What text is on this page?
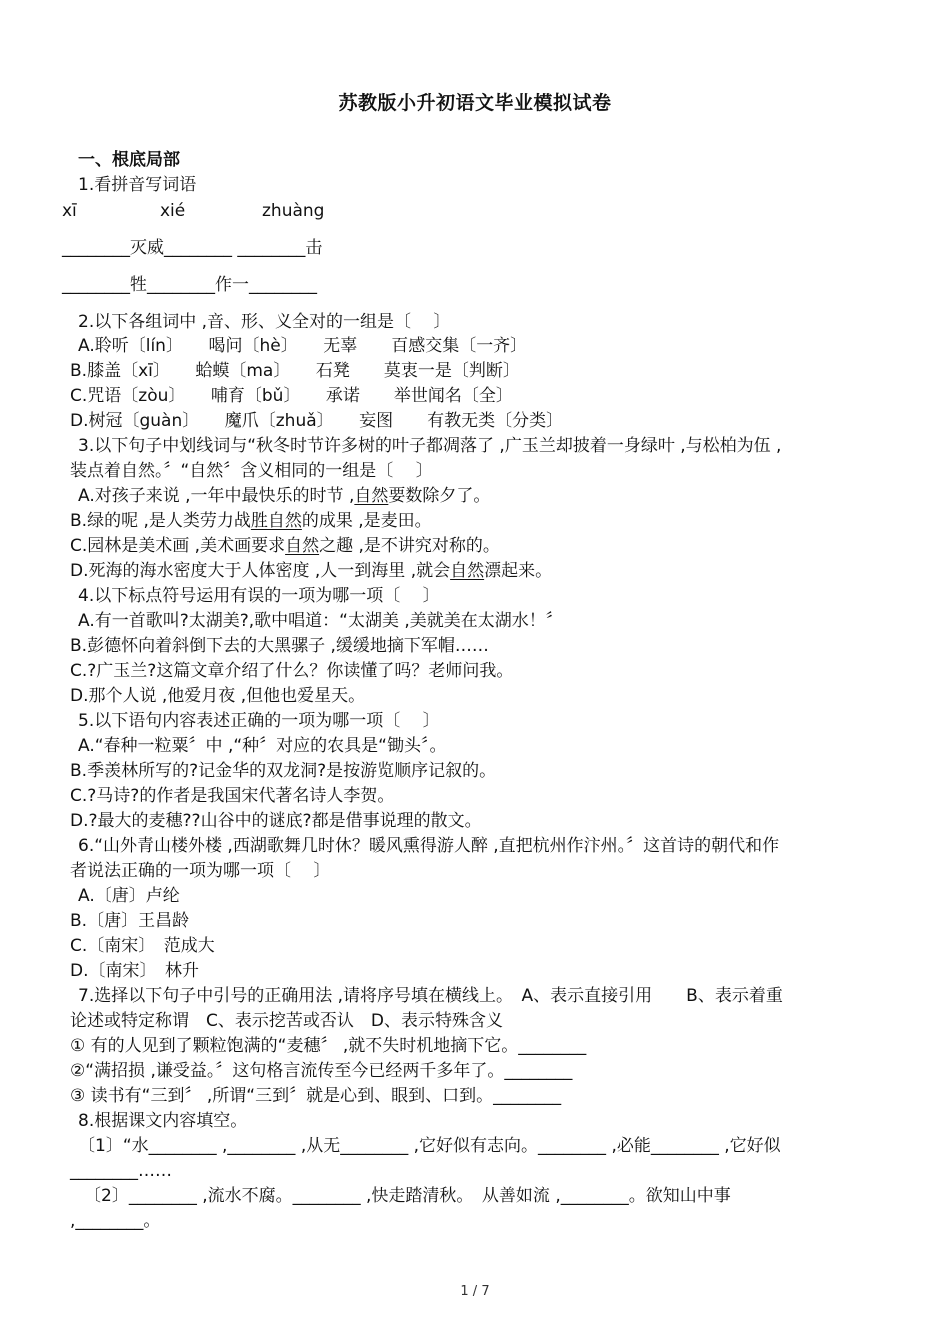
苏教版小升初语文毕业模拟试卷
一、根底局部
1.看拼音写词语
xī	xié	zhuàng
________灭威________ ________击
________牲________作一________
2.以下各组词中 ,音、形、义全对的一组是〔　 〕
A.聆听〔lín〕　　喝问〔hè〕　　无辜　　百感交集〔一齐〕
B.膝盖〔xī〕　　蛤蟆〔ma〕　　石凳　　莫衷一是〔判断〕
C.咒语〔zòu〕　　哺育〔bǔ〕　　承诺　　举世闻名〔全〕
D.树冠〔guàn〕　　魔爪〔zhuǎ〕　　妄图　　有教无类〔分类〕
3.以下句子中划线词与“秋冬时节许多树的叶子都凋落了 ,广玉兰却披着一身绿叶 ,与松柏为伍 ,
装点着自然。〞“自然〞含义相同的一组是〔　 〕
A.对孩子来说 ,一年中最快乐的时节 ,自然要数除夕了。
B.绿的呢 ,是人类劳力战胜自然的成果 ,是麦田。
C.园林是美术画 ,美术画要求自然之趣 ,是不讲究对称的。
D.死海的海水密度大于人体密度 ,人一到海里 ,就会自然漂起来。
4.以下标点符号运用有误的一项为哪一项〔　 〕
A.有一首歌叫?太湖美?,歌中唱道：“太湖美 ,美就美在太湖水！〞
B.彭德怀向着斜倒下去的大黑骡子 ,缓缓地摘下军帽……
C.?广玉兰?这篇文章介绍了什么？你读懂了吗？老师问我。
D.那个人说 ,他爱月夜 ,但他也爱星天。
5.以下语句内容表述正确的一项为哪一项〔　 〕
A.“春种一粒粟〞中 ,“种〞对应的农具是“锄头〞。
B.季羡林所写的?记金华的双龙洞?是按游览顺序记叙的。
C.?马诗?的作者是我国宋代著名诗人李贺。
D.?最大的麦穗??山谷中的谜底?都是借事说理的散文。
6.“山外青山楼外楼 ,西湖歌舞几时休？暖风熏得游人醉 ,直把杭州作汴州。〞这首诗的朝代和作
者说法正确的一项为哪一项〔　 〕
A.〔唐〕卢纶
B.〔唐〕王昌龄
C.〔南宋〕　范成大
D.〔南宋〕　林升
7.选择以下句子中引号的正确用法 ,请将序号填在横线上。　A、表示直接引用　　B、表示着重
论述或特定称谓　C、表示挖苦或否认　D、表示特殊含义
① 有的人见到了颗粒饱满的“麦穗〞 ,就不失时机地摘下它。________
②“满招损 ,谦受益。〞这句格言流传至今已经两千多年了。________
③ 读书有“三到〞 ,所谓“三到〞就是心到、眼到、口到。________
8.根据课文内容填空。
〔1〕“水________ ,________ ,从无________ ,它好似有志向。________ ,必能________ ,它好似
________……
〔2〕________ ,流水不腐。________ ,快走踏清秋。　从善如流 ,________。欲知山中事
,________。
1 / 7
